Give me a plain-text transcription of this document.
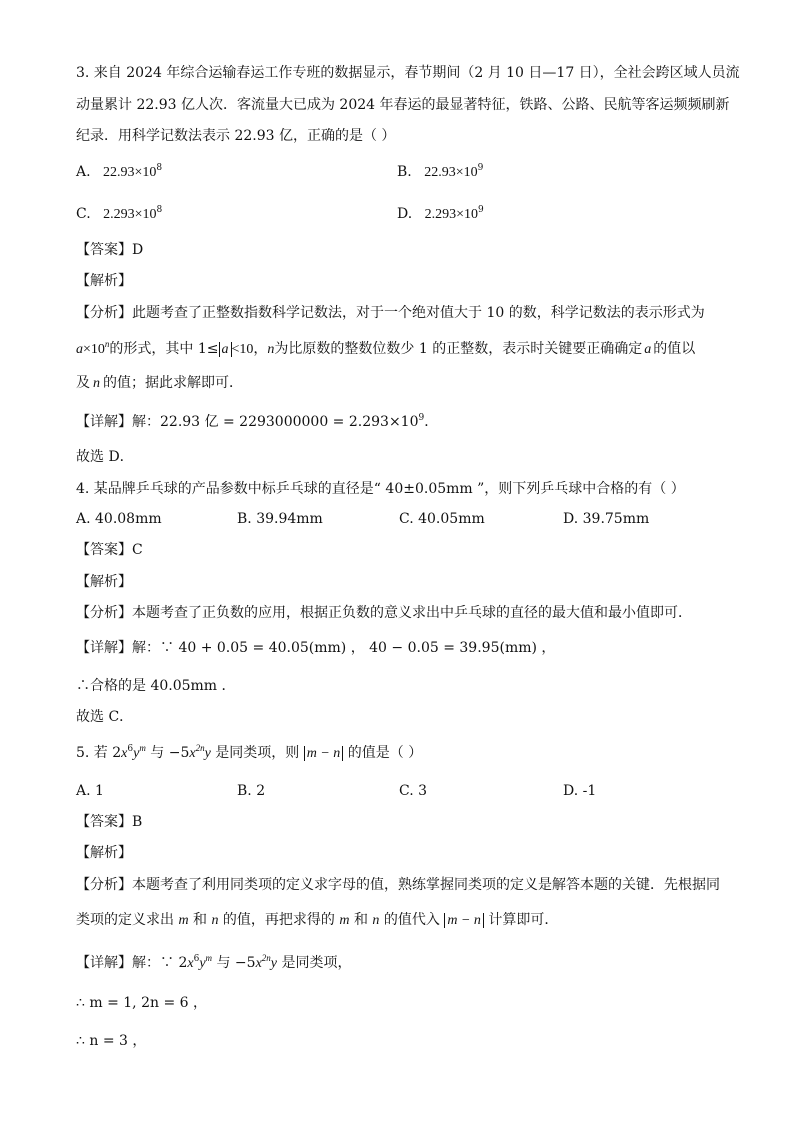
3. 来自 2024 年综合运输春运工作专班的数据显示，春节期间（2 月 10 日—17 日），全社会跨区域人员流
动量累计 22.93 亿人次．客流量大已成为 2024 年春运的最显著特征，铁路、公路、民航等客运频频刷新
纪录．用科学记数法表示 22.93 亿，正确的是（ ）
A. $22.93\times 10^8$	B. $22.93\times 10^9$
C. $2.293\times 10^8$	D. $2.293\times 10^9$
【答案】D
【解析】
【分析】此题考查了正整数指数科学记数法，对于一个绝对值大于 10 的数，科学记数法的表示形式为
$a\times 10^n$的形式，其中 1≤ a <10，n为比原数的整数位数少 1 的正整数，表示时关键要正确确定 a 的值以
及 n 的值；据此求解即可．
【详解】解：22.93 亿 = $2293000000 = 2.293\times 10^9$．
故选 D．
4. 某品牌乒乓球的产品参数中标乒乓球的直径是“ 40±0.05mm ”，则下列乒乓球中合格的有（ ）
A. 40.08mm	B. 39.94mm	C. 40.05mm	D. 39.75mm
【答案】C
【解析】
【分析】本题考查了正负数的应用，根据正负数的意义求出中乒乓球的直径的最大值和最小值即可．
【详解】解：∵ 40 + 0.05 = 40.05(mm) ， 40 − 0.05 = 39.95(mm) ，
∴合格的是 40.05mm ．
故选 C．
5. 若 $2x^6y^m$ 与 $-5x^{2n}y$ 是同类项，则 m − n 的值是（ ）
A. 1	B. 2	C. 3	D. -1
【答案】B
【解析】
【分析】本题考查了利用同类项的定义求字母的值，熟练掌握同类项的定义是解答本题的关键．先根据同
类项的定义求出 m 和 n 的值，再把求得的 m 和 n 的值代入 m − n 计算即可．
【详解】解：∵ $2x^6y^m$ 与 $-5x^{2n}y$ 是同类项，
∴ m = 1, 2n = 6 ，
∴ n = 3 ，
